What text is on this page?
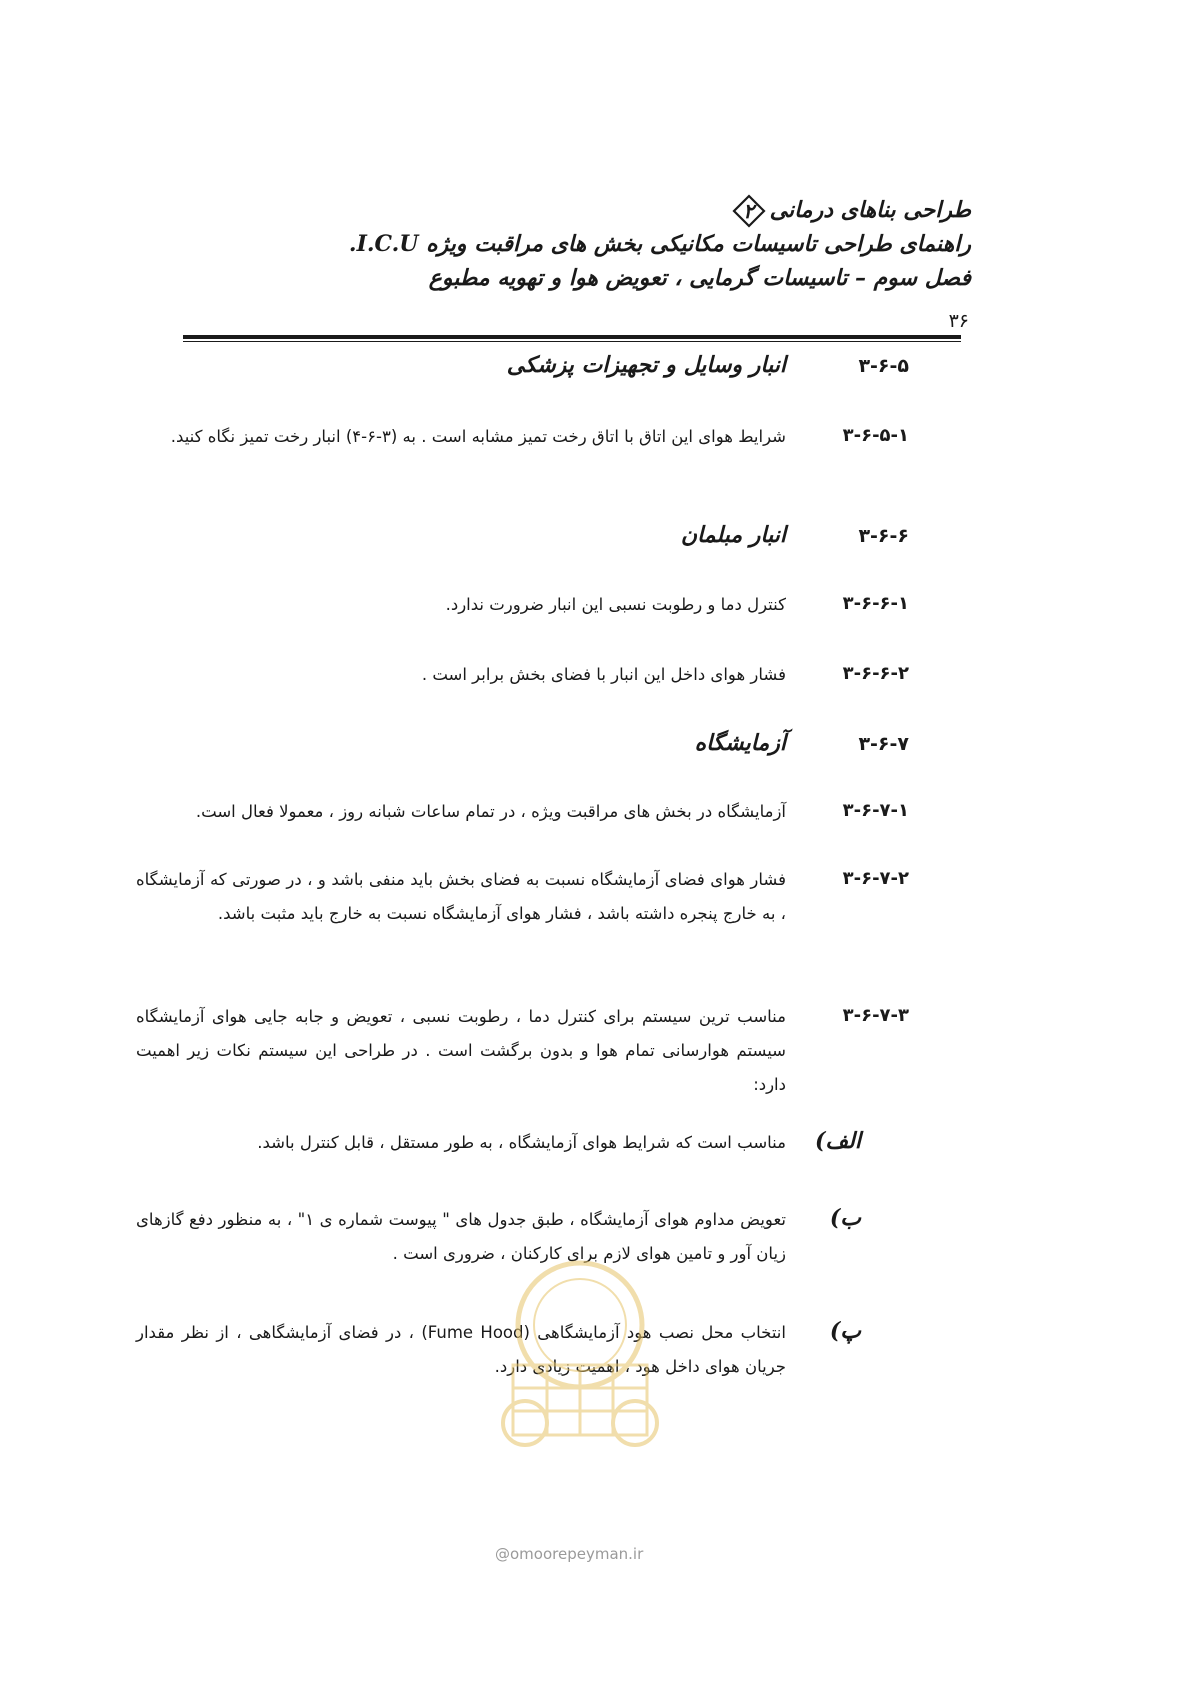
طراحی بناهای درمانی
۲
راهنمای طراحی تاسیسات مکانیکی بخش های مراقبت ویژه I.C.U.
فصل سوم – تاسیسات گرمایی ، تعویض هوا و تهویه مطبوع
۳۶
۳-۶-۵
انبار وسایل و تجهیزات پزشکی
۳-۶-۵-۱
شرایط هوای این اتاق با اتاق رخت تمیز مشابه است . به (۳-۶-۴) انبار رخت تمیز نگاه کنید.
۳-۶-۶
انبار مبلمان
۳-۶-۶-۱
کنترل دما و رطوبت نسبی این انبار ضرورت ندارد.
۳-۶-۶-۲
فشار هوای داخل این انبار با فضای بخش برابر است .
۳-۶-۷
آزمایشگاه
۳-۶-۷-۱
آزمایشگاه در بخش های مراقبت ویژه ، در تمام ساعات شبانه روز ، معمولا فعال است.
۳-۶-۷-۲
فشار هوای فضای آزمایشگاه نسبت به فضای بخش باید منفی باشد و ، در صورتی که آزمایشگاه ، به خارج پنجره داشته باشد ، فشار هوای آزمایشگاه نسبت به خارج باید مثبت باشد.
۳-۶-۷-۳
مناسب ترین سیستم برای کنترل دما ، رطوبت نسبی ، تعویض و جابه جایی هوای آزمایشگاه سیستم هوارسانی تمام هوا و بدون برگشت است . در طراحی این سیستم نکات زیر اهمیت دارد:
الف)
مناسب است که شرایط هوای آزمایشگاه ، به طور مستقل ، قابل کنترل باشد.
ب)
تعویض مداوم هوای آزمایشگاه ، طبق جدول های " پیوست شماره ی ۱" ، به منظور دفع گازهای زیان آور و تامین هوای لازم برای کارکنان ، ضروری است .
پ)
انتخاب محل نصب هود آزمایشگاهی (Fume Hood) ، در فضای آزمایشگاهی ، از نظر مقدار جریان هوای داخل هود ، اهمیت زیادی دارد.
@omoorepeyman.ir
